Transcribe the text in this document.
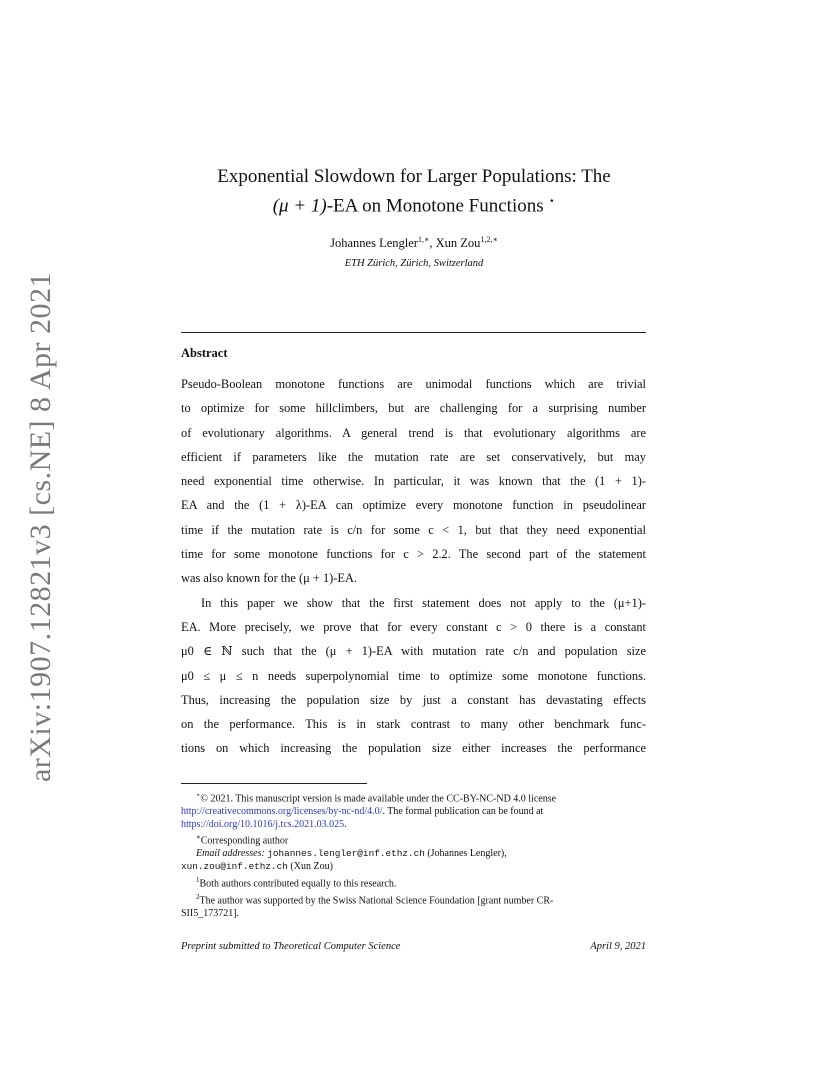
arXiv:1907.12821v3 [cs.NE] 8 Apr 2021
Exponential Slowdown for Larger Populations: The
(μ + 1)-EA on Monotone Functions ⋆
Johannes Lengler$^{1,∗}$, Xun Zou$^{1,2,∗}$
ETH Zürich, Zürich, Switzerland
Abstract
Pseudo-Boolean monotone functions are unimodal functions which are trivial
to optimize for some hillclimbers, but are challenging for a surprising number
of evolutionary algorithms. A general trend is that evolutionary algorithms are
efficient if parameters like the mutation rate are set conservatively, but may
need exponential time otherwise. In particular, it was known that the (1 + 1)-
EA and the (1 + λ)-EA can optimize every monotone function in pseudolinear
time if the mutation rate is c/n for some c < 1, but that they need exponential
time for some monotone functions for c > 2.2. The second part of the statement
was also known for the (μ + 1)-EA.
In this paper we show that the first statement does not apply to the (μ+1)-
EA. More precisely, we prove that for every constant c > 0 there is a constant
μ0 ∈ ℕ such that the (μ + 1)-EA with mutation rate c/n and population size
μ0 ≤ μ ≤ n needs superpolynomial time to optimize some monotone functions.
Thus, increasing the population size by just a constant has devastating effects
on the performance. This is in stark contrast to many other benchmark func-
tions on which increasing the population size either increases the performance
⋆© 2021. This manuscript version is made available under the CC-BY-NC-ND 4.0 license
http://creativecommons.org/licenses/by-nc-nd/4.0/. The formal publication can be found at
https://doi.org/10.1016/j.tcs.2021.03.025.
∗Corresponding author
Email addresses: johannes.lengler@inf.ethz.ch (Johannes Lengler),
xun.zou@inf.ethz.ch (Xun Zou)
$^1$Both authors contributed equally to this research.
$^2$The author was supported by the Swiss National Science Foundation [grant number CR-
SII5_173721].
Preprint submitted to Theoretical Computer Science	April 9, 2021
